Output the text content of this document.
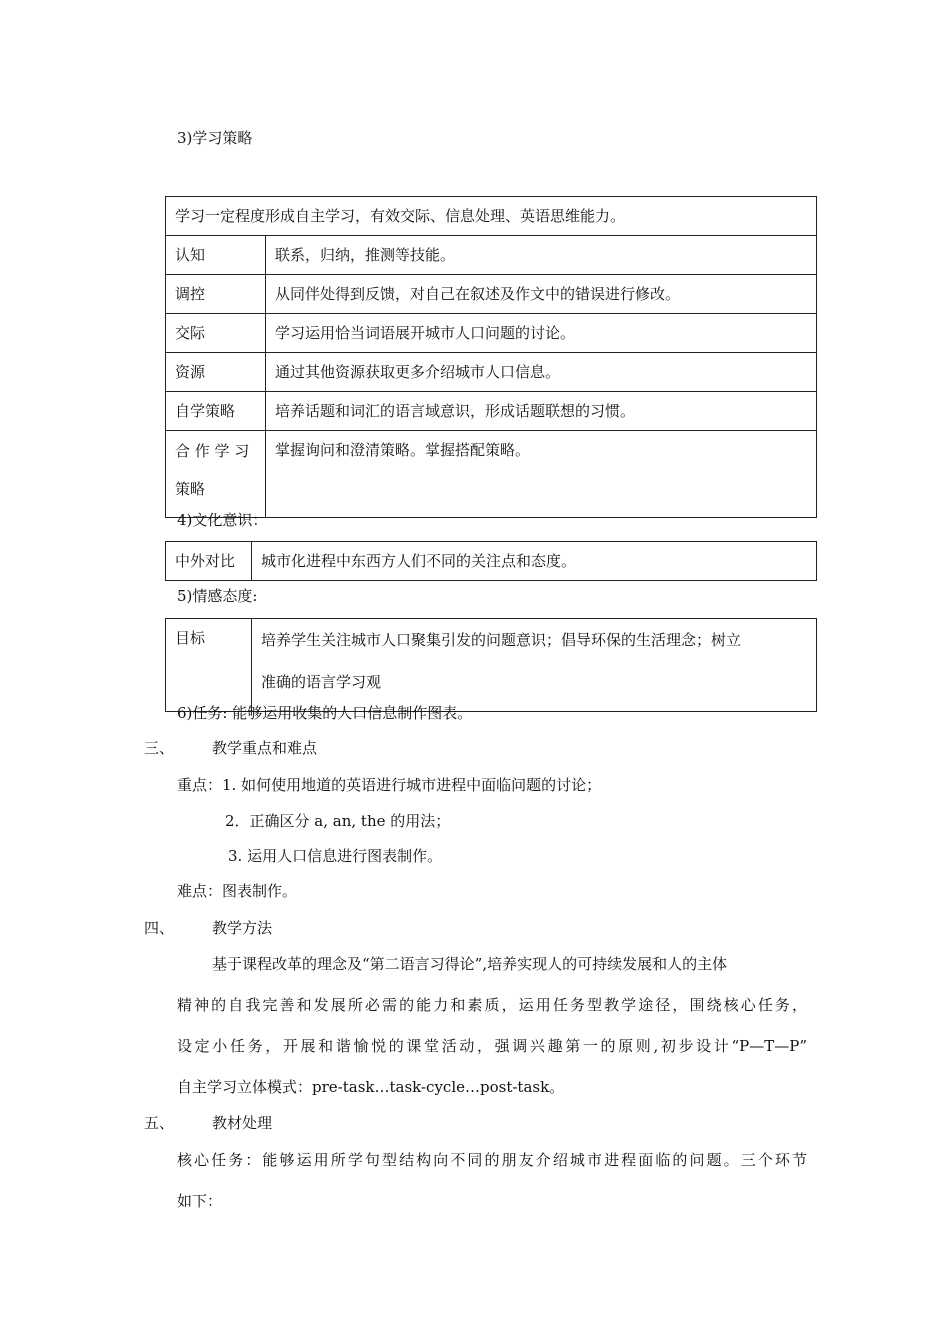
3)学习策略
学习一定程度形成自主学习，有效交际、信息处理、英语思维能力。	
认知	联系，归纳，推测等技能。
调控	从同伴处得到反馈，对自己在叙述及作文中的错误进行修改。
交际	学习运用恰当词语展开城市人口问题的讨论。
资源	通过其他资源获取更多介绍城市人口信息。
自学策略	培养话题和词汇的语言域意识，形成话题联想的习惯。

合 作 学 习
策略	掌握询问和澄清策略。掌握搭配策略。
4)文化意识：
中外对比	城市化进程中东西方人们不同的关注点和态度。
5)情感态度:
目标	培养学生关注城市人口聚集引发的问题意识；倡导环保的生活理念；树立
准确的语言学习观
6)任务: 能够运用收集的人口信息制作图表。
三、	教学重点和难点
重点：1. 如何使用地道的英语进行城市进程中面临问题的讨论；
2．正确区分 a, an, the 的用法；
3. 运用人口信息进行图表制作。
难点：图表制作。
四、	教学方法
基于课程改革的理念及“第二语言习得论”,培养实现人的可持续发展和人的主体
精神的自我完善和发展所必需的能力和素质，运用任务型教学途径，围绕核心任务，
设定小任务，开展和谐愉悦的课堂活动，强调兴趣第一的原则,初步设计“P—T—P”
自主学习立体模式：pre-task…task-cycle…post-task。
五、	教材处理
核心任务：能够运用所学句型结构向不同的朋友介绍城市进程面临的问题。三个环节
如下：
